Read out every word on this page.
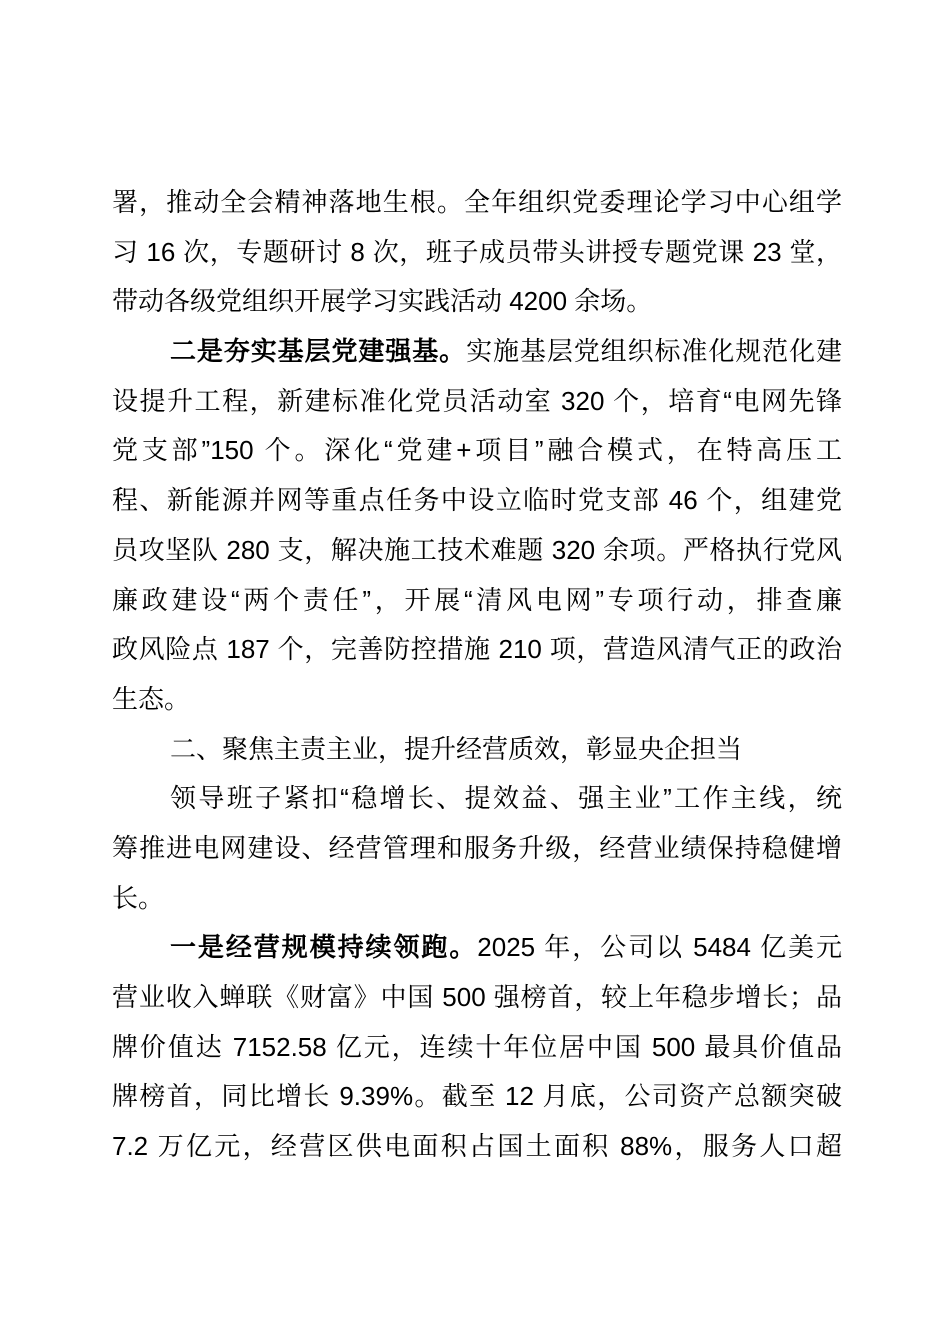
署，推动全会精神落地生根。全年组织党委理论学习中心组学
习 16 次，专题研讨 8 次，班子成员带头讲授专题党课 23 堂，
带动各级党组织开展学习实践活动 4200 余场。
二是夯实基层党建强基。实施基层党组织标准化规范化建
设提升工程，新建标准化党员活动室 320 个，培育“电网先锋
党支部”150 个。深化“党建+项目”融合模式，在特高压工
程、新能源并网等重点任务中设立临时党支部 46 个，组建党
员攻坚队 280 支，解决施工技术难题 320 余项。严格执行党风
廉政建设“两个责任”，开展“清风电网”专项行动，排查廉
政风险点 187 个，完善防控措施 210 项，营造风清气正的政治
生态。
二、聚焦主责主业，提升经营质效，彰显央企担当
领导班子紧扣“稳增长、提效益、强主业”工作主线，统
筹推进电网建设、经营管理和服务升级，经营业绩保持稳健增
长。
一是经营规模持续领跑。2025 年，公司以 5484 亿美元
营业收入蝉联《财富》中国 500 强榜首，较上年稳步增长；品
牌价值达 7152.58 亿元，连续十年位居中国 500 最具价值品
牌榜首，同比增长 9.39%。截至 12 月底，公司资产总额突破
7.2 万亿元，经营区供电面积占国土面积 88%，服务人口超
